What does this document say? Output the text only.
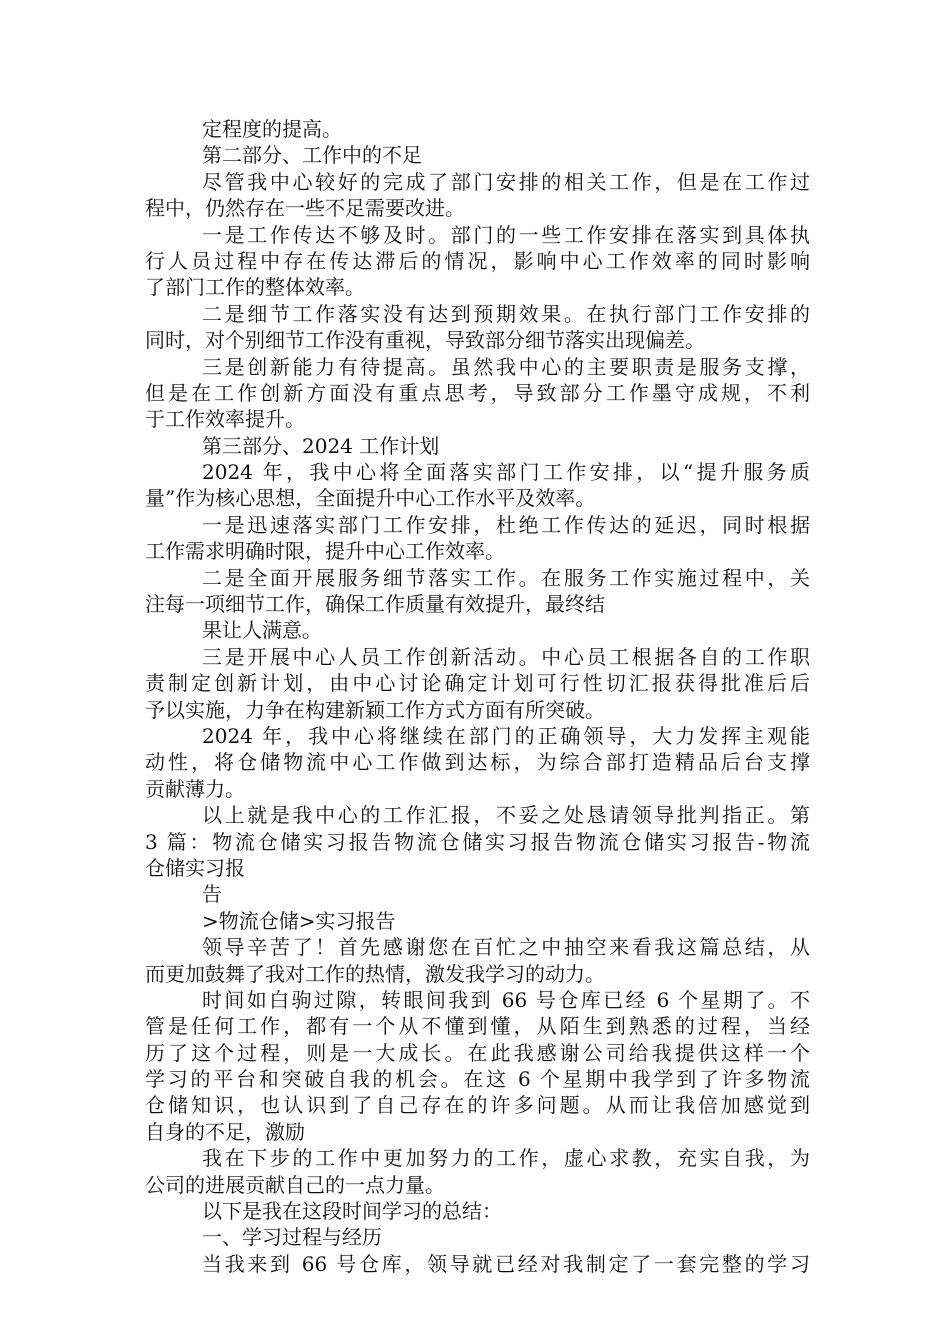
定程度的提高。
第二部分、工作中的不足
尽管我中心较好的完成了部门安排的相关工作，但是在工作过
程中，仍然存在一些不足需要改进。
一是工作传达不够及时。部门的一些工作安排在落实到具体执
行人员过程中存在传达滞后的情况，影响中心工作效率的同时影响
了部门工作的整体效率。
二是细节工作落实没有达到预期效果。在执行部门工作安排的
同时，对个别细节工作没有重视，导致部分细节落实出现偏差。
三是创新能力有待提高。虽然我中心的主要职责是服务支撑，
但是在工作创新方面没有重点思考，导致部分工作墨守成规，不利
于工作效率提升。
第三部分、2024 工作计划
2024 年，我中心将全面落实部门工作安排，以“提升服务质
量”作为核心思想，全面提升中心工作水平及效率。
一是迅速落实部门工作安排，杜绝工作传达的延迟，同时根据
工作需求明确时限，提升中心工作效率。
二是全面开展服务细节落实工作。在服务工作实施过程中，关
注每一项细节工作，确保工作质量有效提升，最终结
果让人满意。
三是开展中心人员工作创新活动。中心员工根据各自的工作职
责制定创新计划，由中心讨论确定计划可行性切汇报获得批准后后
予以实施，力争在构建新颖工作方式方面有所突破。
2024 年，我中心将继续在部门的正确领导，大力发挥主观能
动性，将仓储物流中心工作做到达标，为综合部打造精品后台支撑
贡献薄力。
以上就是我中心的工作汇报，不妥之处恳请领导批判指正。第
3 篇：物流仓储实习报告物流仓储实习报告物流仓储实习报告-物流
仓储实习报
告
>物流仓储>实习报告
领导辛苦了！首先感谢您在百忙之中抽空来看我这篇总结，从
而更加鼓舞了我对工作的热情，激发我学习的动力。
时间如白驹过隙，转眼间我到 66 号仓库已经 6 个星期了。不
管是任何工作，都有一个从不懂到懂，从陌生到熟悉的过程，当经
历了这个过程，则是一大成长。在此我感谢公司给我提供这样一个
学习的平台和突破自我的机会。在这 6 个星期中我学到了许多物流
仓储知识，也认识到了自己存在的许多问题。从而让我倍加感觉到
自身的不足，激励
我在下步的工作中更加努力的工作，虚心求教，充实自我，为
公司的进展贡献自己的一点力量。
以下是我在这段时间学习的总结：
一、学习过程与经历
当我来到 66 号仓库，领导就已经对我制定了一套完整的学习
